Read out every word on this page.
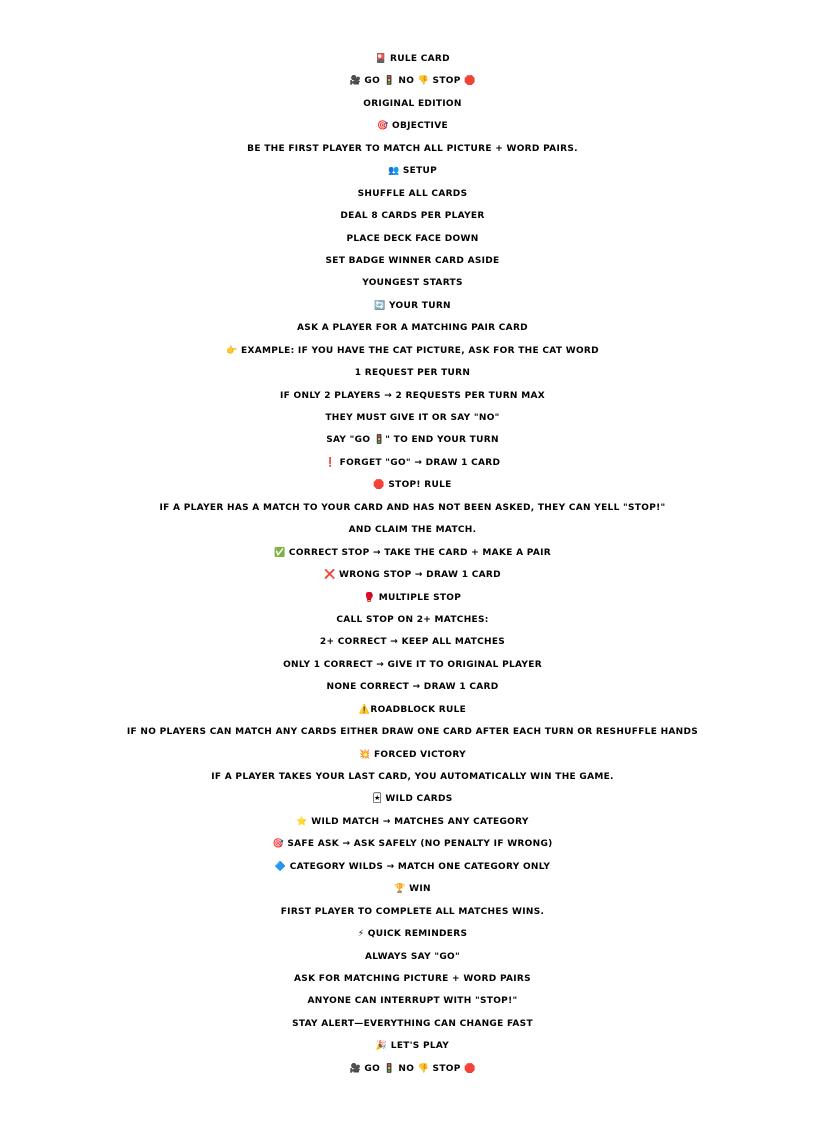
🎴 RULE CARD
🎥 GO 🚦 NO 👎 STOP 🛑
ORIGINAL EDITION
🎯 OBJECTIVE
BE THE FIRST PLAYER TO MATCH ALL PICTURE + WORD PAIRS.
👥 SETUP
SHUFFLE ALL CARDS
DEAL 8 CARDS PER PLAYER
PLACE DECK FACE DOWN
SET BADGE WINNER CARD ASIDE
YOUNGEST STARTS
🔄 YOUR TURN
ASK A PLAYER FOR A MATCHING PAIR CARD
👉 EXAMPLE: IF YOU HAVE THE CAT PICTURE, ASK FOR THE CAT WORD
1 REQUEST PER TURN
IF ONLY 2 PLAYERS → 2 REQUESTS PER TURN MAX
THEY MUST GIVE IT OR SAY "NO"
SAY "GO 🚦" TO END YOUR TURN
❗ FORGET "GO" → DRAW 1 CARD
🛑 STOP! RULE
IF A PLAYER HAS A MATCH TO YOUR CARD AND HAS NOT BEEN ASKED, THEY CAN YELL "STOP!"
AND CLAIM THE MATCH.
✅ CORRECT STOP → TAKE THE CARD + MAKE A PAIR
❌ WRONG STOP → DRAW 1 CARD
🥊 MULTIPLE STOP
CALL STOP ON 2+ MATCHES:
2+ CORRECT → KEEP ALL MATCHES
ONLY 1 CORRECT → GIVE IT TO ORIGINAL PLAYER
NONE CORRECT → DRAW 1 CARD
⚠️ROADBLOCK RULE
IF NO PLAYERS CAN MATCH ANY CARDS EITHER DRAW ONE CARD AFTER EACH TURN OR RESHUFFLE HANDS
💥 FORCED VICTORY
IF A PLAYER TAKES YOUR LAST CARD, YOU AUTOMATICALLY WIN THE GAME.
🃏 WILD CARDS
⭐ WILD MATCH → MATCHES ANY CATEGORY
🎯 SAFE ASK → ASK SAFELY (NO PENALTY IF WRONG)
🔷 CATEGORY WILDS → MATCH ONE CATEGORY ONLY
🏆 WIN
FIRST PLAYER TO COMPLETE ALL MATCHES WINS.
⚡ QUICK REMINDERS
ALWAYS SAY "GO"
ASK FOR MATCHING PICTURE + WORD PAIRS
ANYONE CAN INTERRUPT WITH "STOP!"
STAY ALERT—EVERYTHING CAN CHANGE FAST
🎉 LET'S PLAY
🎥 GO 🚦 NO 👎 STOP 🛑
